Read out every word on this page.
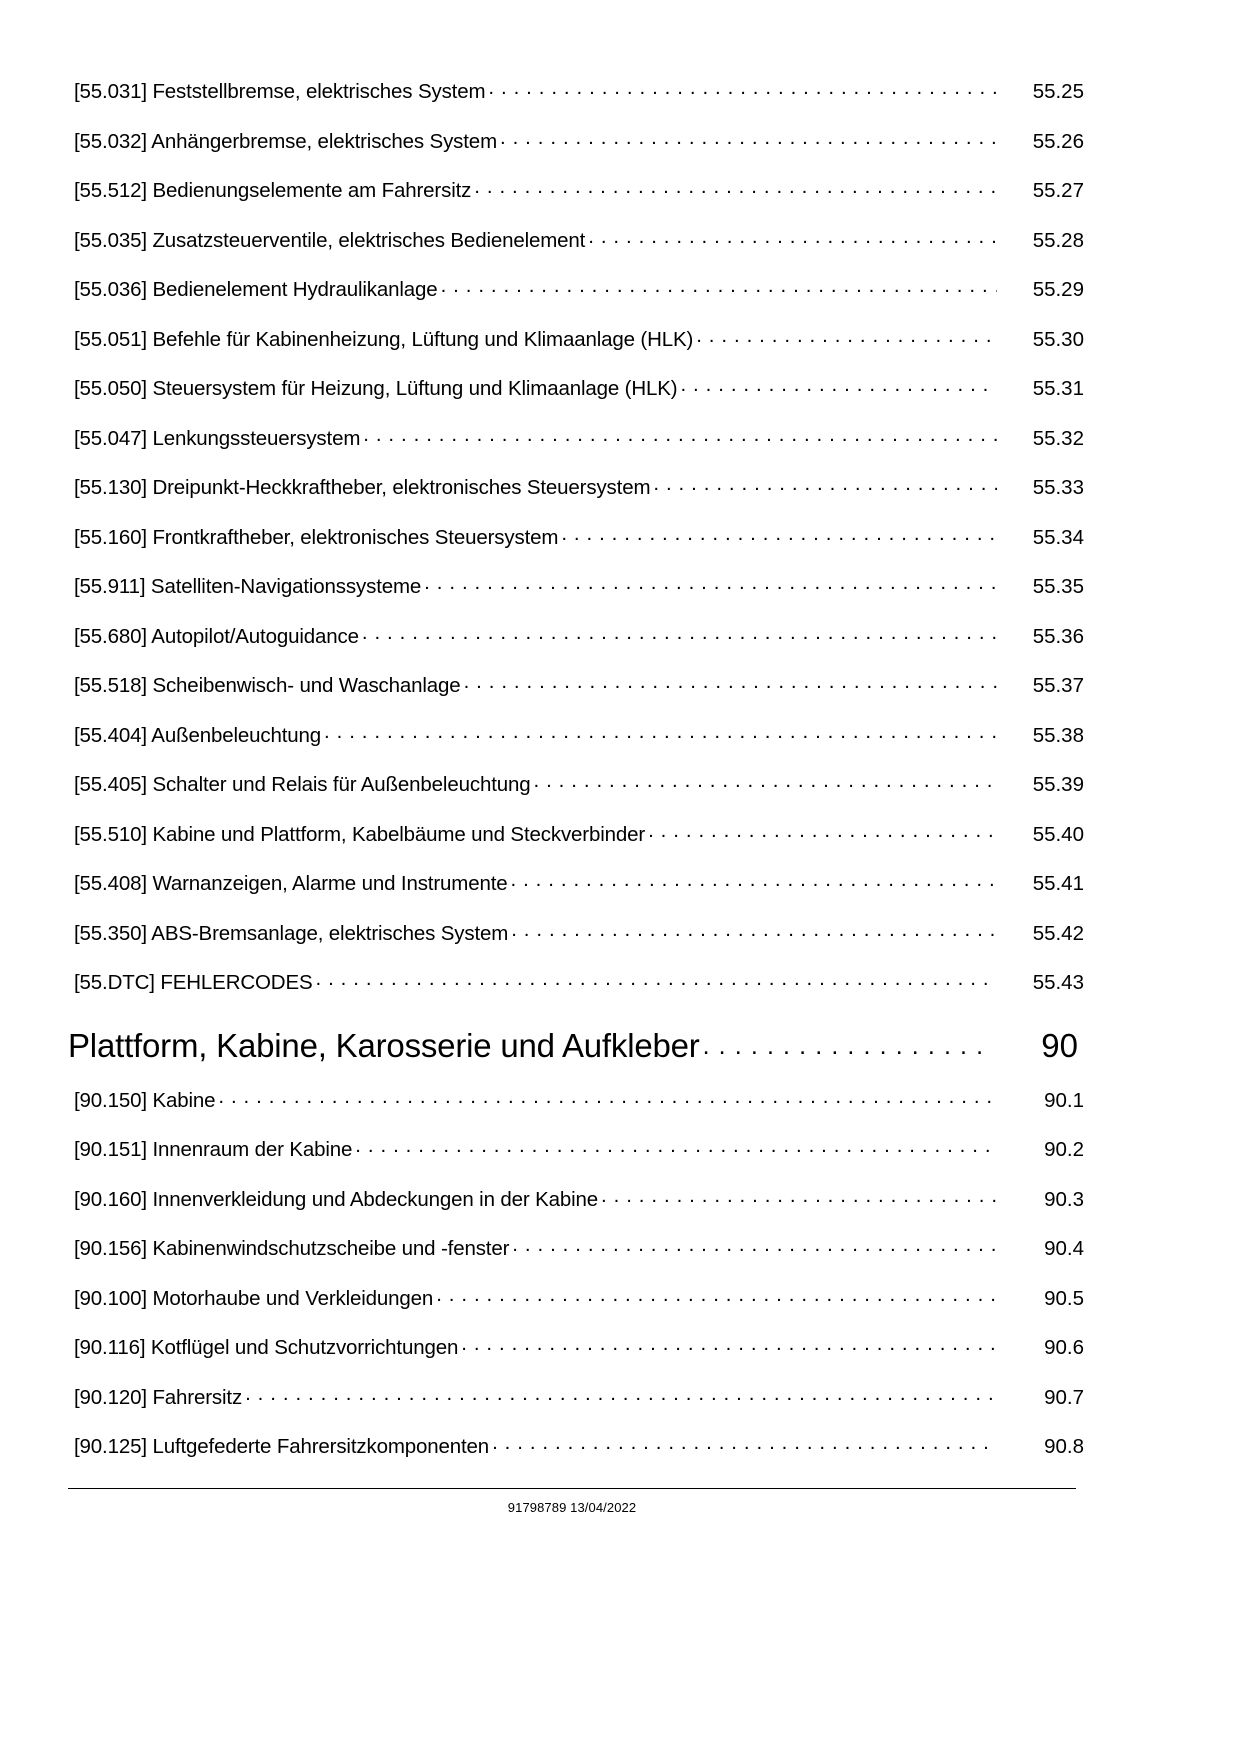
[55.031] Feststellbremse, elektrisches System . . .	55.25
[55.032] Anhängerbremse, elektrisches System . . .	55.26
[55.512] Bedienungselemente am Fahrersitz . . .	55.27
[55.035] Zusatzsteuerventile, elektrisches Bedienelement . . .	55.28
[55.036] Bedienelement Hydraulikanlage . . .	55.29
[55.051] Befehle für Kabinenheizung, Lüftung und Klimaanlage (HLK) . . .	55.30
[55.050] Steuersystem für Heizung, Lüftung und Klimaanlage (HLK) . . .	55.31
[55.047] Lenkungssteuersystem . . .	55.32
[55.130] Dreipunkt-Heckkraftheber, elektronisches Steuersystem . . .	55.33
[55.160] Frontkraftheber, elektronisches Steuersystem . . .	55.34
[55.911] Satelliten-Navigationssysteme . . .	55.35
[55.680] Autopilot/Autoguidance . . .	55.36
[55.518] Scheibenwisch- und Waschanlage . . .	55.37
[55.404] Außenbeleuchtung . . .	55.38
[55.405] Schalter und Relais für Außenbeleuchtung . . .	55.39
[55.510] Kabine und Plattform, Kabelbäume und Steckverbinder . . .	55.40
[55.408] Warnanzeigen, Alarme und Instrumente . . .	55.41
[55.350] ABS-Bremsanlage, elektrisches System . . .	55.42
[55.DTC] FEHLERCODES . . .	55.43
Plattform, Kabine, Karosserie und Aufkleber . . .	90
[90.150] Kabine . . .	90.1
[90.151] Innenraum der Kabine . . .	90.2
[90.160] Innenverkleidung und Abdeckungen in der Kabine . . .	90.3
[90.156] Kabinenwindschutzscheibe und -fenster . . .	90.4
[90.100] Motorhaube und Verkleidungen . . .	90.5
[90.116] Kotflügel und Schutzvorrichtungen . . .	90.6
[90.120] Fahrersitz . . .	90.7
[90.125] Luftgefederte Fahrersitzkomponenten . . .	90.8
91798789 13/04/2022
